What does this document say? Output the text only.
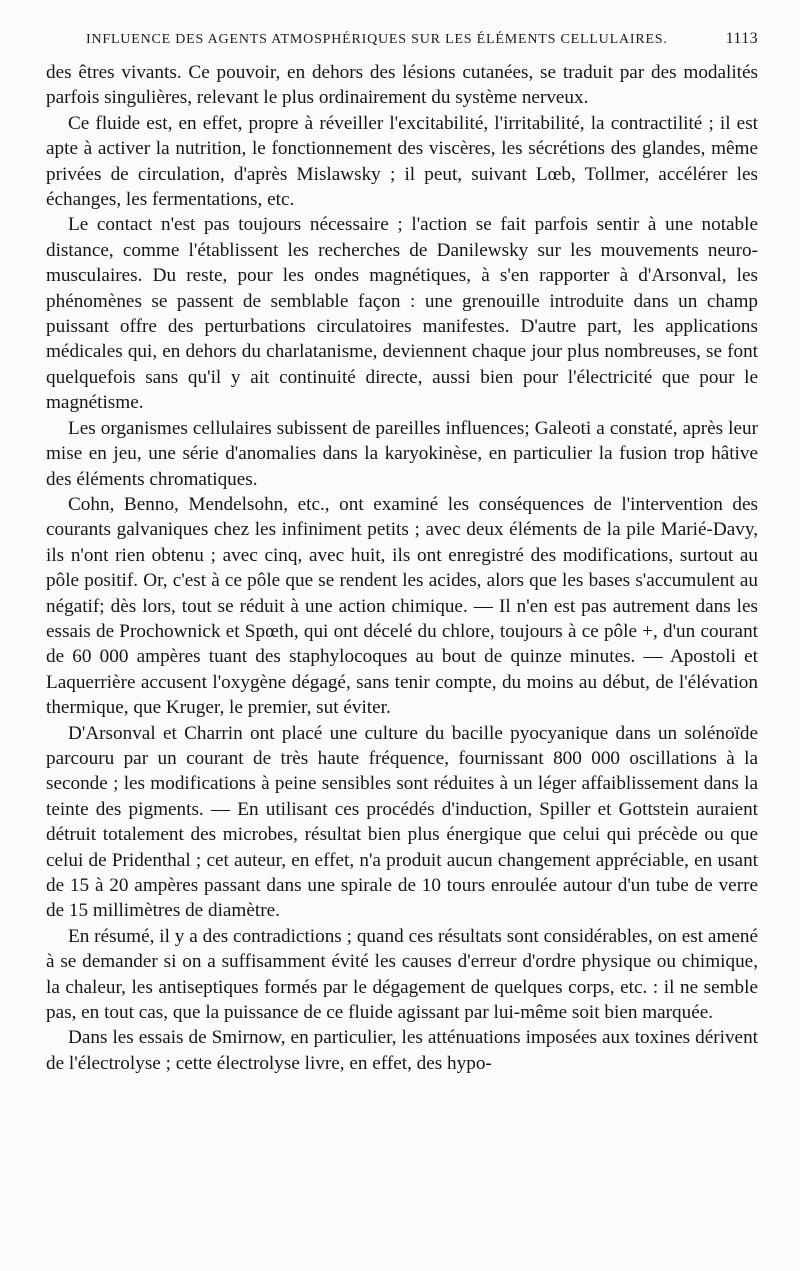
INFLUENCE DES AGENTS ATMOSPHÉRIQUES SUR LES ÉLÉMENTS CELLULAIRES.	1113

des êtres vivants. Ce pouvoir, en dehors des lésions cutanées, se traduit par des modalités parfois singulières, relevant le plus ordinairement du système nerveux.

Ce fluide est, en effet, propre à réveiller l'excitabilité, l'irritabilité, la contractilité ; il est apte à activer la nutrition, le fonctionnement des viscères, les sécrétions des glandes, même privées de circulation, d'après Mislawsky ; il peut, suivant Lœb, Tollmer, accélérer les échanges, les fermentations, etc.

Le contact n'est pas toujours nécessaire ; l'action se fait parfois sentir à une notable distance, comme l'établissent les recherches de Danilewsky sur les mouvements neuro-musculaires. Du reste, pour les ondes magnétiques, à s'en rapporter à d'Arsonval, les phénomènes se passent de semblable façon : une grenouille introduite dans un champ puissant offre des perturbations circulatoires manifestes. D'autre part, les applications médicales qui, en dehors du charlatanisme, deviennent chaque jour plus nombreuses, se font quelquefois sans qu'il y ait continuité directe, aussi bien pour l'électricité que pour le magnétisme.

Les organismes cellulaires subissent de pareilles influences; Galeoti a constaté, après leur mise en jeu, une série d'anomalies dans la karyokinèse, en particulier la fusion trop hâtive des éléments chromatiques.

Cohn, Benno, Mendelsohn, etc., ont examiné les conséquences de l'intervention des courants galvaniques chez les infiniment petits ; avec deux éléments de la pile Marié-Davy, ils n'ont rien obtenu ; avec cinq, avec huit, ils ont enregistré des modifications, surtout au pôle positif. Or, c'est à ce pôle que se rendent les acides, alors que les bases s'accumulent au négatif; dès lors, tout se réduit à une action chimique. — Il n'en est pas autrement dans les essais de Prochownick et Spœth, qui ont décelé du chlore, toujours à ce pôle +, d'un courant de 60 000 ampères tuant des staphylocoques au bout de quinze minutes. — Apostoli et Laquerrière accusent l'oxygène dégagé, sans tenir compte, du moins au début, de l'élévation thermique, que Kruger, le premier, sut éviter.

D'Arsonval et Charrin ont placé une culture du bacille pyocyanique dans un solénoïde parcouru par un courant de très haute fréquence, fournissant 800 000 oscillations à la seconde ; les modifications à peine sensibles sont réduites à un léger affaiblissement dans la teinte des pigments. — En utilisant ces procédés d'induction, Spiller et Gottstein auraient détruit totalement des microbes, résultat bien plus énergique que celui qui précède ou que celui de Pridenthal ; cet auteur, en effet, n'a produit aucun changement appréciable, en usant de 15 à 20 ampères passant dans une spirale de 10 tours enroulée autour d'un tube de verre de 15 millimètres de diamètre.

En résumé, il y a des contradictions ; quand ces résultats sont considérables, on est amené à se demander si on a suffisamment évité les causes d'erreur d'ordre physique ou chimique, la chaleur, les antiseptiques formés par le dégagement de quelques corps, etc. : il ne semble pas, en tout cas, que la puissance de ce fluide agissant par lui-même soit bien marquée.

Dans les essais de Smirnow, en particulier, les atténuations imposées aux toxines dérivent de l'électrolyse ; cette électrolyse livre, en effet, des hypo-
